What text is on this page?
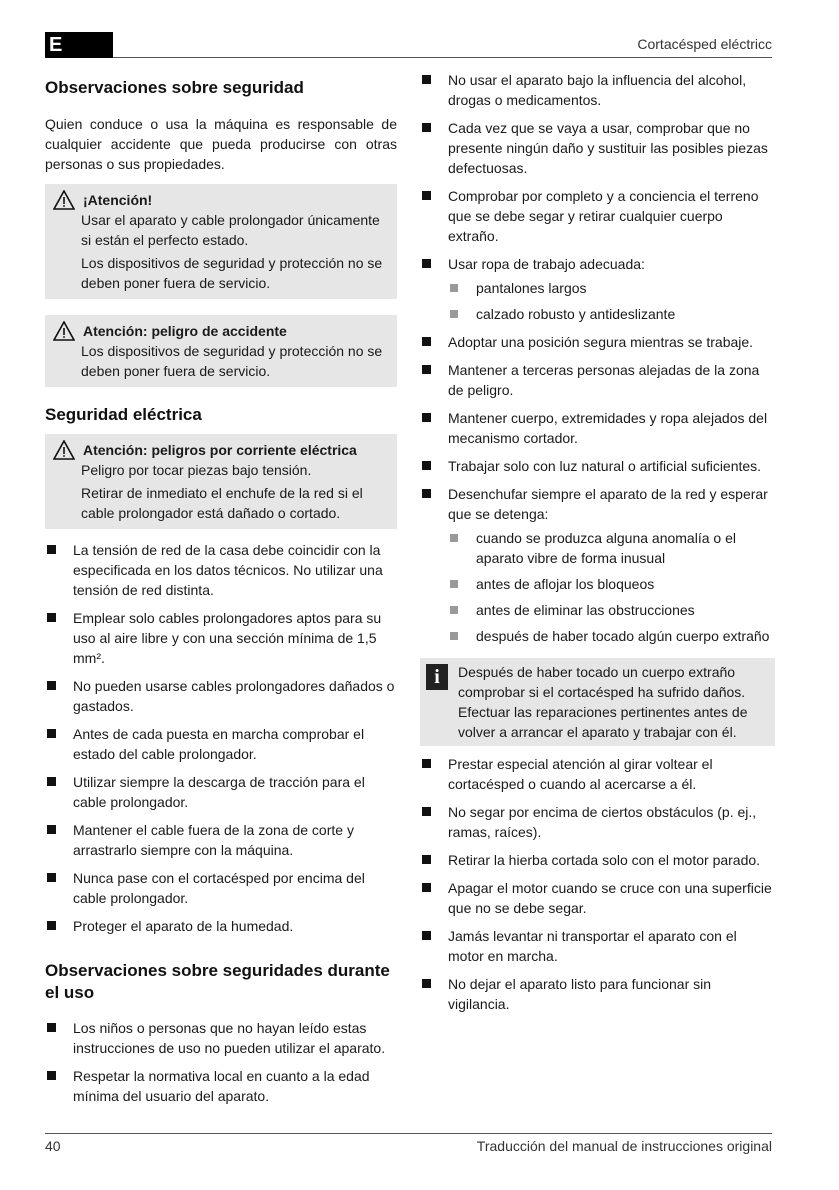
E	Cortacésped eléctricc
Observaciones sobre seguridad

Quien conduce o usa la máquina es responsable de cualquier accidente que pueda producirse con otras personas o sus propiedades.

¡Atención!
Usar el aparato y cable prolongador únicamente si están el perfecto estado.
Los dispositivos de seguridad y protección no se deben poner fuera de servicio.
Atención: peligro de accidente
Los dispositivos de seguridad y protección no se deben poner fuera de servicio.
Seguridad eléctrica
Atención: peligros por corriente eléctrica
Peligro por tocar piezas bajo tensión.
Retirar de inmediato el enchufe de la red si el cable prolongador está dañado o cortado.
La tensión de red de la casa debe coincidir con la especificada en los datos técnicos. No utilizar una tensión de red distinta.
Emplear solo cables prolongadores aptos para su uso al aire libre y con una sección mínima de 1,5 mm².
No pueden usarse cables prolongadores dañados o gastados.
Antes de cada puesta en marcha comprobar el estado del cable prolongador.
Utilizar siempre la descarga de tracción para el cable prolongador.
Mantener el cable fuera de la zona de corte y arrastrarlo siempre con la máquina.
Nunca pase con el cortacésped por encima del cable prolongador.
Proteger el aparato de la humedad.
Observaciones sobre seguridades durante el uso
Los niños o personas que no hayan leído estas instrucciones de uso no pueden utilizar el aparato.
Respetar la normativa local en cuanto a la edad mínima del usuario del aparato.
No usar el aparato bajo la influencia del alcohol, drogas o medicamentos.
Cada vez que se vaya a usar, comprobar que no presente ningún daño y sustituir las posibles piezas defectuosas.
Comprobar por completo y a conciencia el terreno que se debe segar y retirar cualquier cuerpo extraño.
Usar ropa de trabajo adecuada:
pantalones largos
calzado robusto y antideslizante
Adoptar una posición segura mientras se trabaje.
Mantener a terceras personas alejadas de la zona de peligro.
Mantener cuerpo, extremidades y ropa alejados del mecanismo cortador.
Trabajar solo con luz natural o artificial suficientes.
Desenchufar siempre el aparato de la red y esperar que se detenga:
cuando se produzca alguna anomalía o el aparato vibre de forma inusual
antes de aflojar los bloqueos
antes de eliminar las obstrucciones
después de haber tocado algún cuerpo extraño
i	Después de haber tocado un cuerpo extraño comprobar si el cortacésped ha sufrido daños. Efectuar las reparaciones pertinentes antes de volver a arrancar el aparato y trabajar con él.
Prestar especial atención al girar voltear el cortacésped o cuando al acercarse a él.
No segar por encima de ciertos obstáculos (p. ej., ramas, raíces).
Retirar la hierba cortada solo con el motor parado.
Apagar el motor cuando se cruce con una superficie que no se debe segar.
Jamás levantar ni transportar el aparato con el motor en marcha.
No dejar el aparato listo para funcionar sin vigilancia.
40	Traducción del manual de instrucciones original
